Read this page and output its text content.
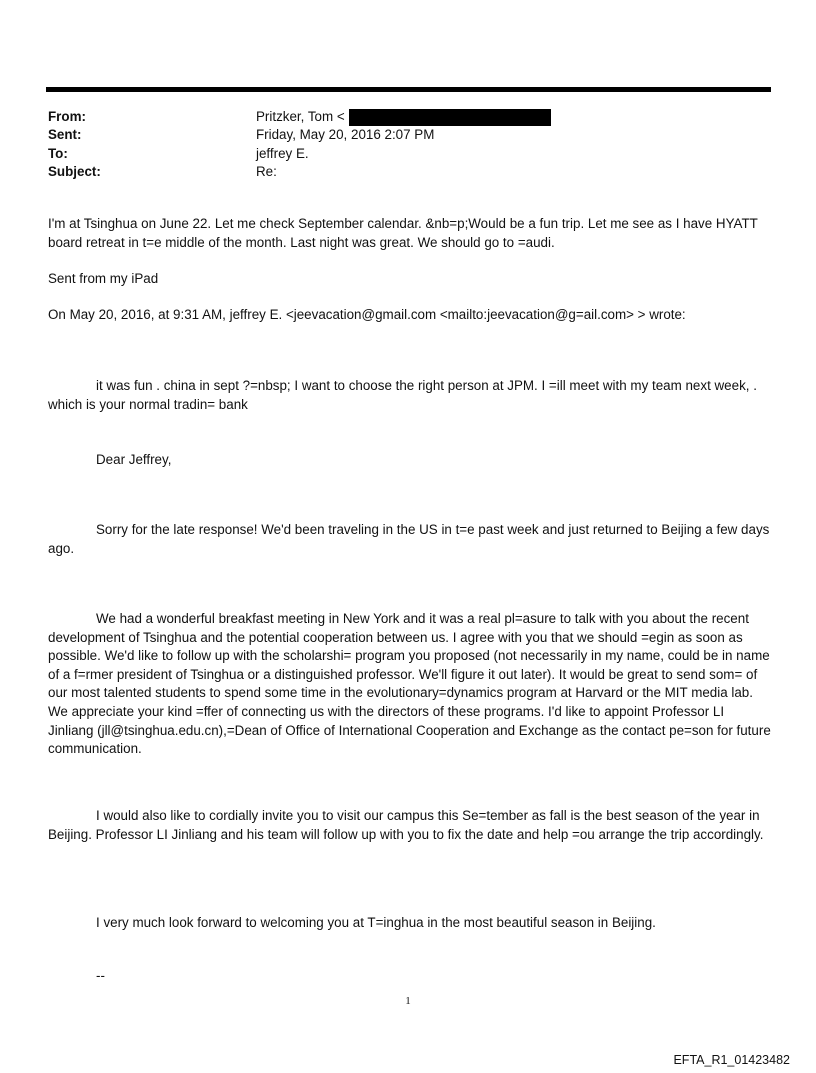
From:	Pritzker, Tom <
Sent:	Friday, May 20, 2016 2:07 PM
To:	jeffrey E.
Subject:	Re:
I'm at Tsinghua on June 22. Let me check September calendar. &nb=p;Would be a fun trip. Let me see as I have HYATT board retreat in t=e middle of the month. Last night was great. We should go to =audi.
Sent from my iPad
On May 20, 2016, at 9:31 AM, jeffrey E. <jeevacation@gmail.com <mailto:jeevacation@g=ail.com> > wrote:
it was fun . china in sept ?=nbsp; I want to choose the right person at JPM. I =ill meet with my team next week, . which is your normal tradin= bank
Dear Jeffrey,
Sorry for the late response! We'd been traveling in the US in t=e past week and just returned to Beijing a few days ago.
We had a wonderful breakfast meeting in New York and it was a real pl=asure to talk with you about the recent development of Tsinghua and the potential cooperation between us. I agree with you that we should =egin as soon as possible. We'd like to follow up with the scholarshi= program you proposed (not necessarily in my name, could be in name of a f=rmer president of Tsinghua or a distinguished professor. We'll figure it out later). It would be great to send som= of our most talented students to spend some time in the evolutionary=dynamics program at Harvard or the MIT media lab. We appreciate your kind =ffer of connecting us with the directors of these programs. I'd like to appoint Professor LI Jinliang (jll@tsinghua.edu.cn),=Dean of Office of International Cooperation and Exchange as the contact pe=son for future communication.
I would also like to cordially invite you to visit our campus this Se=tember as fall is the best season of the year in Beijing. Professor LI Jinliang and his team will follow up with you to fix the date and help =ou arrange the trip accordingly.
I very much look forward to welcoming you at T=inghua in the most beautiful season in Beijing.
--
1
EFTA_R1_01423482
